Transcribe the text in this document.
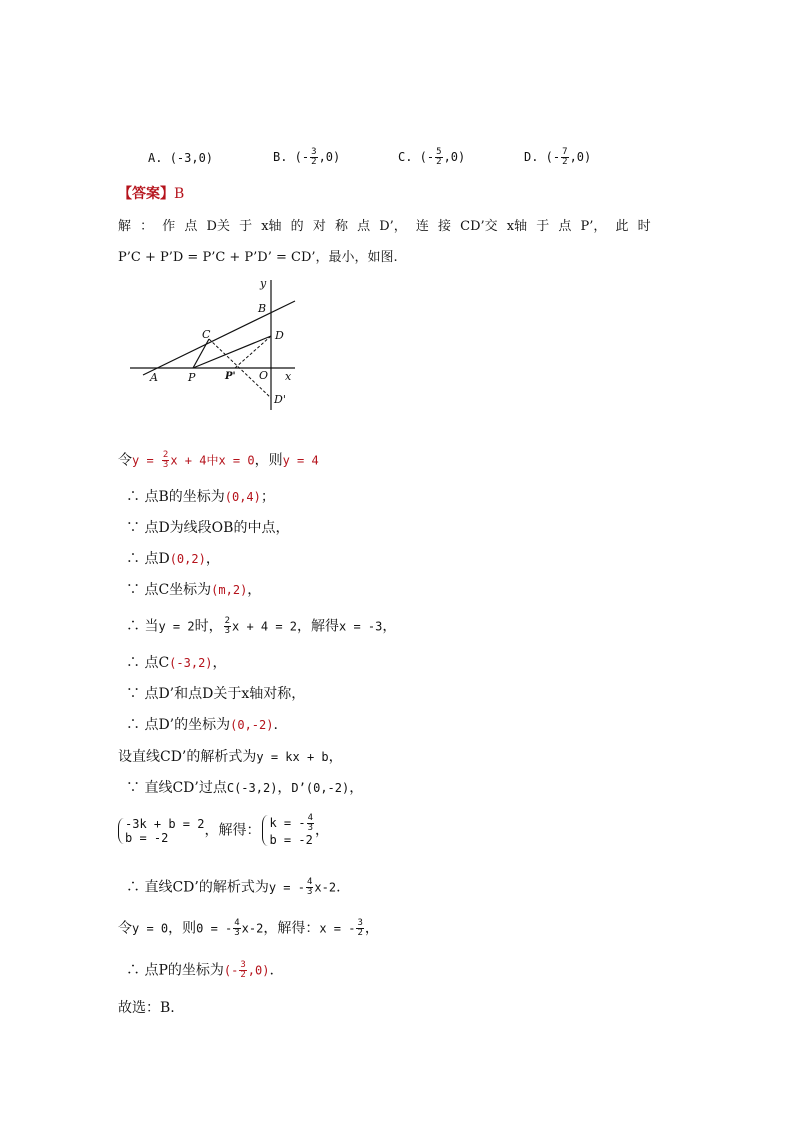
A. (-3,0)	B. (- $\frac{3}{2} ,0$)	C. (- $\frac{5}{2} ,0$)	D. (- $\frac{7}{2} ,0$)
【答案】B
解 ： 作 点 D关 于 x轴 的 对 称 点 D’， 连 接 CD’交 x轴 于 点 P’， 此 时
P’C + P’D = P’C + P’D’ = CD’，最小，如图.
y
B
C	D
A	P	P' O x
D'
令$y = \frac{2}{3}$ x + 4中x = 0，则y = 4
∴ 点B的坐标为(0,4)；
∵ 点D为线段OB的中点，
∴ 点D(0,2)，
∵ 点C坐标为(m,2)，
∴ 当y = 2时， $\frac{2}{3}$ x + 4 = 2，解得x = -3，
∴ 点C(-3,2)，
∵ 点D’和点D关于x轴对称，
∴ 点D’的坐标为(0,-2).
设直线CD’的解析式为y = kx + b，
∵ 直线CD’过点C(-3,2)，D’(0,-2)，
-3k + b = 2
b = -2	，解得： k = - $\frac{4}{3}$
b = -2
，
∴ 直线CD’的解析式为y = - $\frac{4}{3} x-2$.
令y = 0，则0 = - $\frac{4}{3} x-2$，解得：x = - $\frac{3}{2}$ ，
∴ 点P的坐标为(- $\frac{3}{2} ,0$).
故选：B.
